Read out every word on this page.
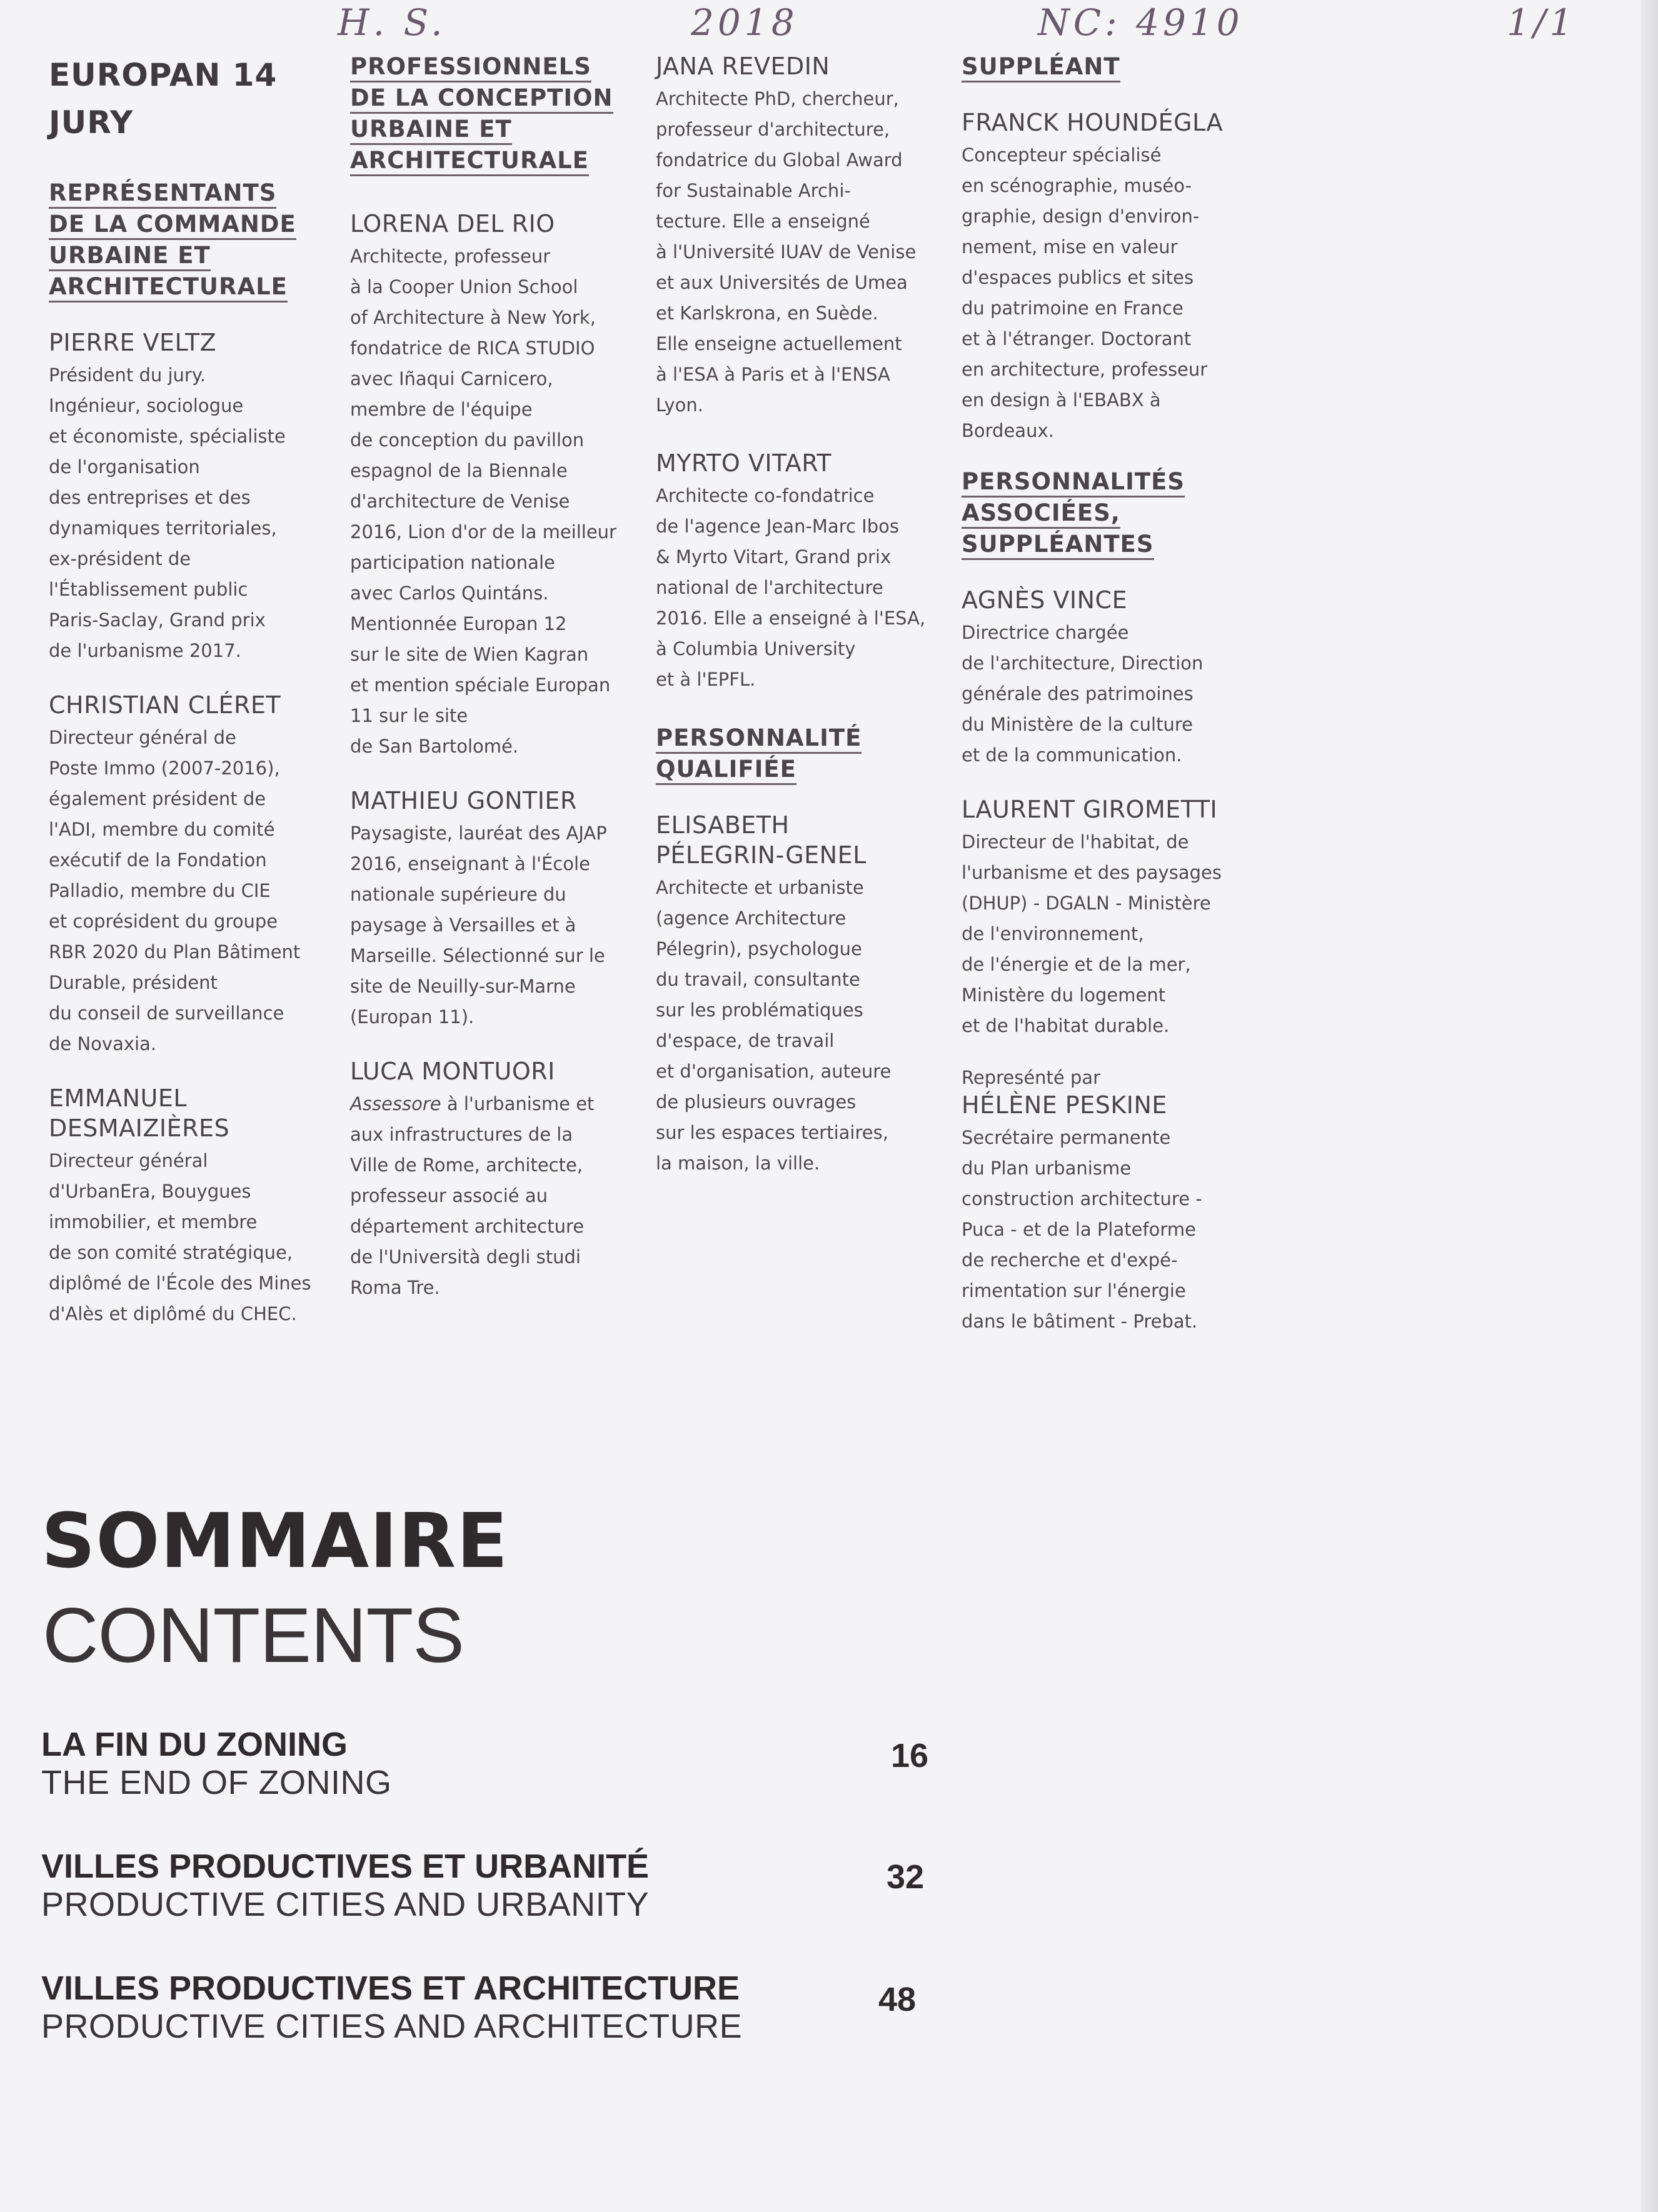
H. S.	2018	NC: 4910	1/1
EUROPAN 14
JURY
REPRÉSENTANTS
DE LA COMMANDE
URBAINE ET
ARCHITECTURALE
PIERRE VELTZ
Président du jury.
Ingénieur, sociologue
et économiste, spécialiste
de l'organisation
des entreprises et des
dynamiques territoriales,
ex-président de
l'Établissement public
Paris-Saclay, Grand prix
de l'urbanisme 2017.
CHRISTIAN CLÉRET
Directeur général de
Poste Immo (2007-2016),
également président de
l'ADI, membre du comité
exécutif de la Fondation
Palladio, membre du CIE
et coprésident du groupe
RBR 2020 du Plan Bâtiment
Durable, président
du conseil de surveillance
de Novaxia.
EMMANUEL
DESMAIZIÈRES
Directeur général
d'UrbanEra, Bouygues
immobilier, et membre
de son comité stratégique,
diplômé de l'École des Mines
d'Alès et diplômé du CHEC.
PROFESSIONNELS
DE LA CONCEPTION
URBAINE ET
ARCHITECTURALE
LORENA DEL RIO
Architecte, professeur
à la Cooper Union School
of Architecture à New York,
fondatrice de RICA STUDIO
avec Iñaqui Carnicero,
membre de l'équipe
de conception du pavillon
espagnol de la Biennale
d'architecture de Venise
2016, Lion d'or de la meilleur
participation nationale
avec Carlos Quintáns.
Mentionnée Europan 12
sur le site de Wien Kagran
et mention spéciale Europan
11 sur le site
de San Bartolomé.
MATHIEU GONTIER
Paysagiste, lauréat des AJAP
2016, enseignant à l'École
nationale supérieure du
paysage à Versailles et à
Marseille. Sélectionné sur le
site de Neuilly-sur-Marne
(Europan 11).
LUCA MONTUORI
Assessore à l'urbanisme et
aux infrastructures de la
Ville de Rome, architecte,
professeur associé au
département architecture
de l'Università degli studi
Roma Tre.
JANA REVEDIN
Architecte PhD, chercheur,
professeur d'architecture,
fondatrice du Global Award
for Sustainable Archi-
tecture. Elle a enseigné
à l'Université IUAV de Venise
et aux Universités de Umea
et Karlskrona, en Suède.
Elle enseigne actuellement
à l'ESA à Paris et à l'ENSA
Lyon.
MYRTO VITART
Architecte co-fondatrice
de l'agence Jean-Marc Ibos
& Myrto Vitart, Grand prix
national de l'architecture
2016. Elle a enseigné à l'ESA,
à Columbia University
et à l'EPFL.
PERSONNALITÉ
QUALIFIÉE
ELISABETH
PÉLEGRIN-GENEL
Architecte et urbaniste
(agence Architecture
Pélegrin), psychologue
du travail, consultante
sur les problématiques
d'espace, de travail
et d'organisation, auteure
de plusieurs ouvrages
sur les espaces tertiaires,
la maison, la ville.
SUPPLÉANT
FRANCK HOUNDÉGLA
Concepteur spécialisé
en scénographie, muséo-
graphie, design d'environ-
nement, mise en valeur
d'espaces publics et sites
du patrimoine en France
et à l'étranger. Doctorant
en architecture, professeur
en design à l'EBABX à
Bordeaux.
PERSONNALITÉS
ASSOCIÉES,
SUPPLÉANTES
AGNÈS VINCE
Directrice chargée
de l'architecture, Direction
générale des patrimoines
du Ministère de la culture
et de la communication.
LAURENT GIROMETTI
Directeur de l'habitat, de
l'urbanisme et des paysages
(DHUP) - DGALN - Ministère
de l'environnement,
de l'énergie et de la mer,
Ministère du logement
et de l'habitat durable.
Represénté par
HÉLÈNE PESKINE
Secrétaire permanente
du Plan urbanisme
construction architecture -
Puca - et de la Plateforme
de recherche et d'expé-
rimentation sur l'énergie
dans le bâtiment - Prebat.
SOMMAIRE
CONTENTS
LA FIN DU ZONING
THE END OF ZONING
16
VILLES PRODUCTIVES ET URBANITÉ
PRODUCTIVE CITIES AND URBANITY
32
VILLES PRODUCTIVES ET ARCHITECTURE
PRODUCTIVE CITIES AND ARCHITECTURE
48
